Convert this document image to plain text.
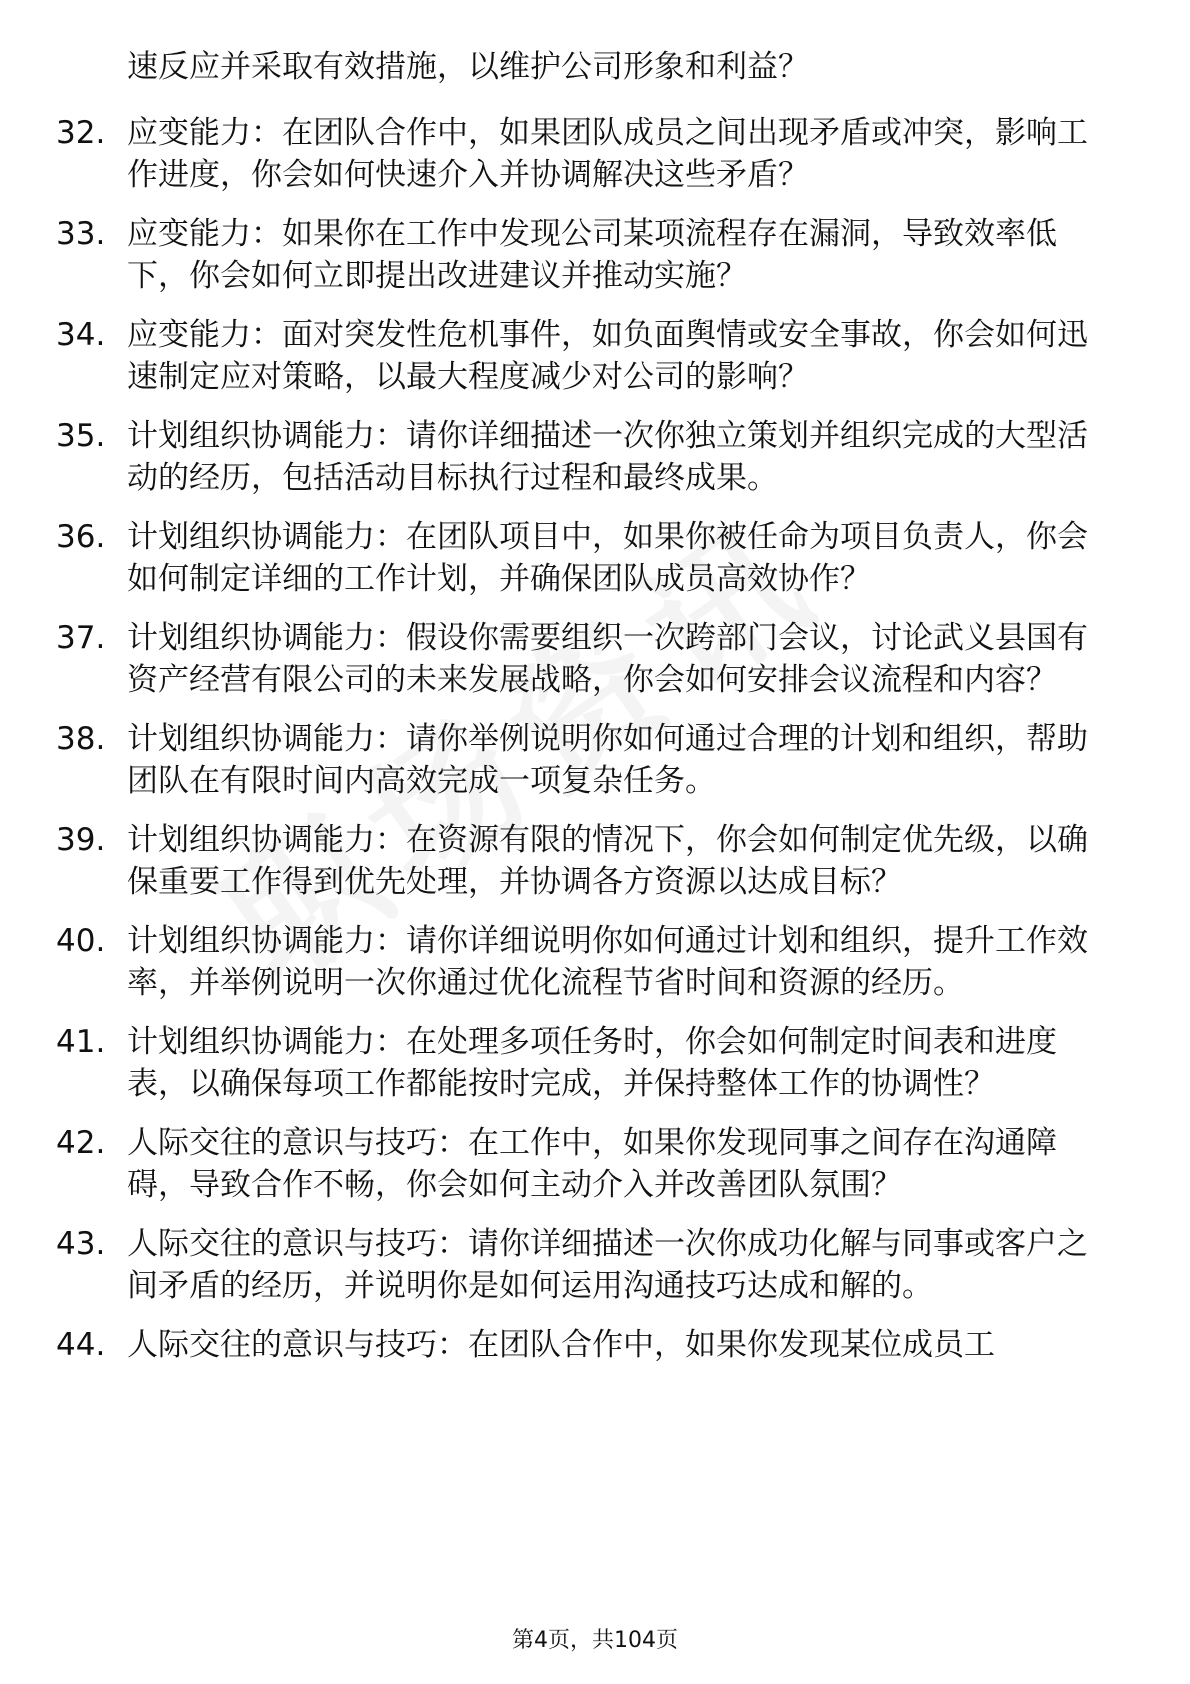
速反应并采取有效措施，以维护公司形象和利益？
32. 应变能力：在团队合作中，如果团队成员之间出现矛盾或冲突，影响工作进度，你会如何快速介入并协调解决这些矛盾？
33. 应变能力：如果你在工作中发现公司某项流程存在漏洞，导致效率低下，你会如何立即提出改进建议并推动实施？
34. 应变能力：面对突发性危机事件，如负面舆情或安全事故，你会如何迅速制定应对策略，以最大程度减少对公司的影响？
35. 计划组织协调能力：请你详细描述一次你独立策划并组织完成的大型活动的经历，包括活动目标执行过程和最终成果。
36. 计划组织协调能力：在团队项目中，如果你被任命为项目负责人，你会如何制定详细的工作计划，并确保团队成员高效协作？
37. 计划组织协调能力：假设你需要组织一次跨部门会议，讨论武义县国有资产经营有限公司的未来发展战略，你会如何安排会议流程和内容？
38. 计划组织协调能力：请你举例说明你如何通过合理的计划和组织，帮助团队在有限时间内高效完成一项复杂任务。
39. 计划组织协调能力：在资源有限的情况下，你会如何制定优先级，以确保重要工作得到优先处理，并协调各方资源以达成目标？
40. 计划组织协调能力：请你详细说明你如何通过计划和组织，提升工作效率，并举例说明一次你通过优化流程节省时间和资源的经历。
41. 计划组织协调能力：在处理多项任务时，你会如何制定时间表和进度表，以确保每项工作都能按时完成，并保持整体工作的协调性？
42. 人际交往的意识与技巧：在工作中，如果你发现同事之间存在沟通障碍，导致合作不畅，你会如何主动介入并改善团队氛围？
43. 人际交往的意识与技巧：请你详细描述一次你成功化解与同事或客户之间矛盾的经历，并说明你是如何运用沟通技巧达成和解的。
44. 人际交往的意识与技巧：在团队合作中，如果你发现某位成员工
第4页，共104页
